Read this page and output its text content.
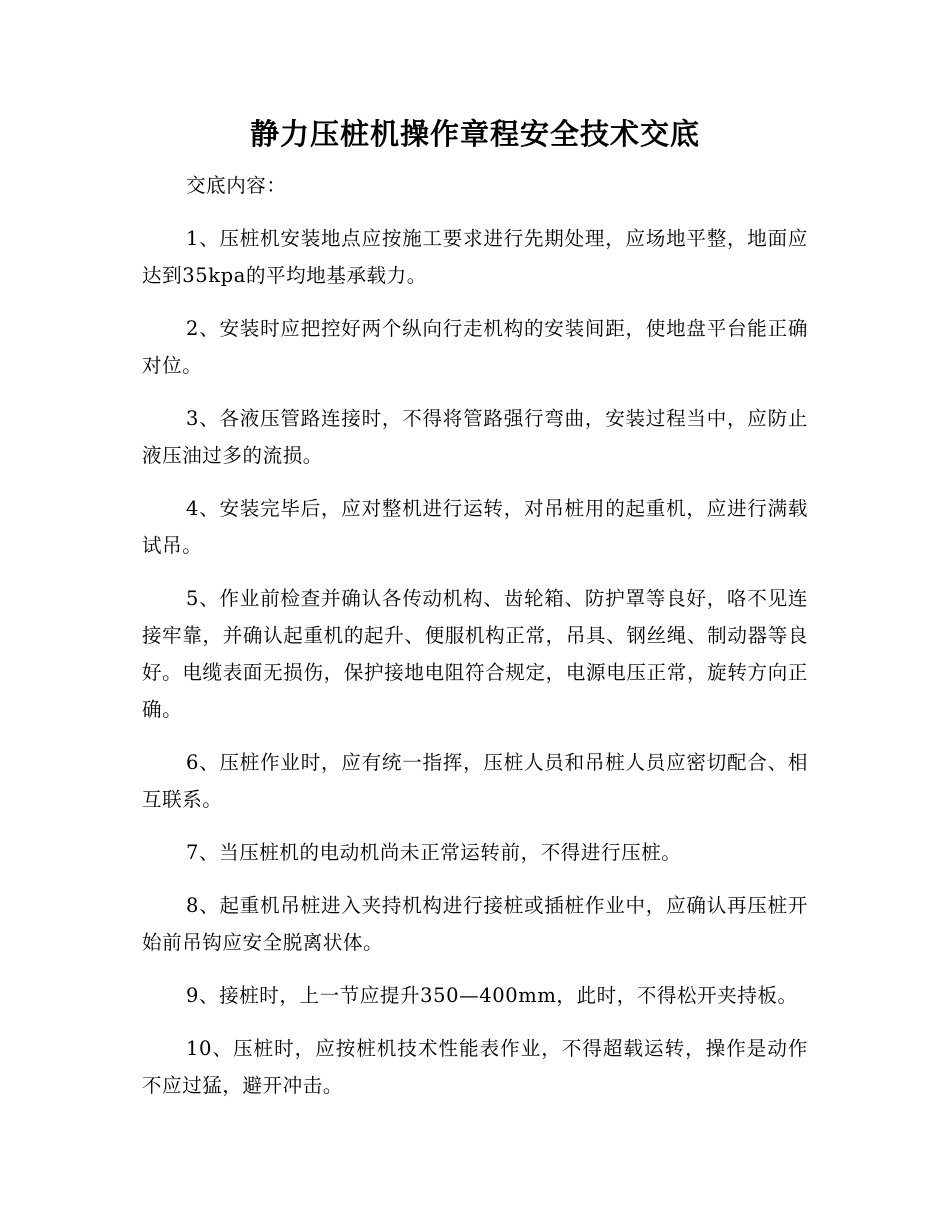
静力压桩机操作章程安全技术交底

交底内容：

1、压桩机安装地点应按施工要求进行先期处理，应场地平整，地面应达到35kpa的平均地基承载力。

2、安装时应把控好两个纵向行走机构的安装间距，使地盘平台能正确对位。

3、各液压管路连接时，不得将管路强行弯曲，安装过程当中，应防止液压油过多的流损。

4、安装完毕后，应对整机进行运转，对吊桩用的起重机，应进行满载试吊。

5、作业前检查并确认各传动机构、齿轮箱、防护罩等良好，咯不见连接牢靠，并确认起重机的起升、便服机构正常，吊具、钢丝绳、制动器等良好。电缆表面无损伤，保护接地电阻符合规定，电源电压正常，旋转方向正确。

6、压桩作业时，应有统一指挥，压桩人员和吊桩人员应密切配合、相互联系。

7、当压桩机的电动机尚未正常运转前，不得进行压桩。

8、起重机吊桩进入夹持机构进行接桩或插桩作业中，应确认再压桩开始前吊钩应安全脱离状体。

9、接桩时，上一节应提升350—400mm，此时，不得松开夹持板。

10、压桩时，应按桩机技术性能表作业，不得超载运转，操作是动作不应过猛，避开冲击。
